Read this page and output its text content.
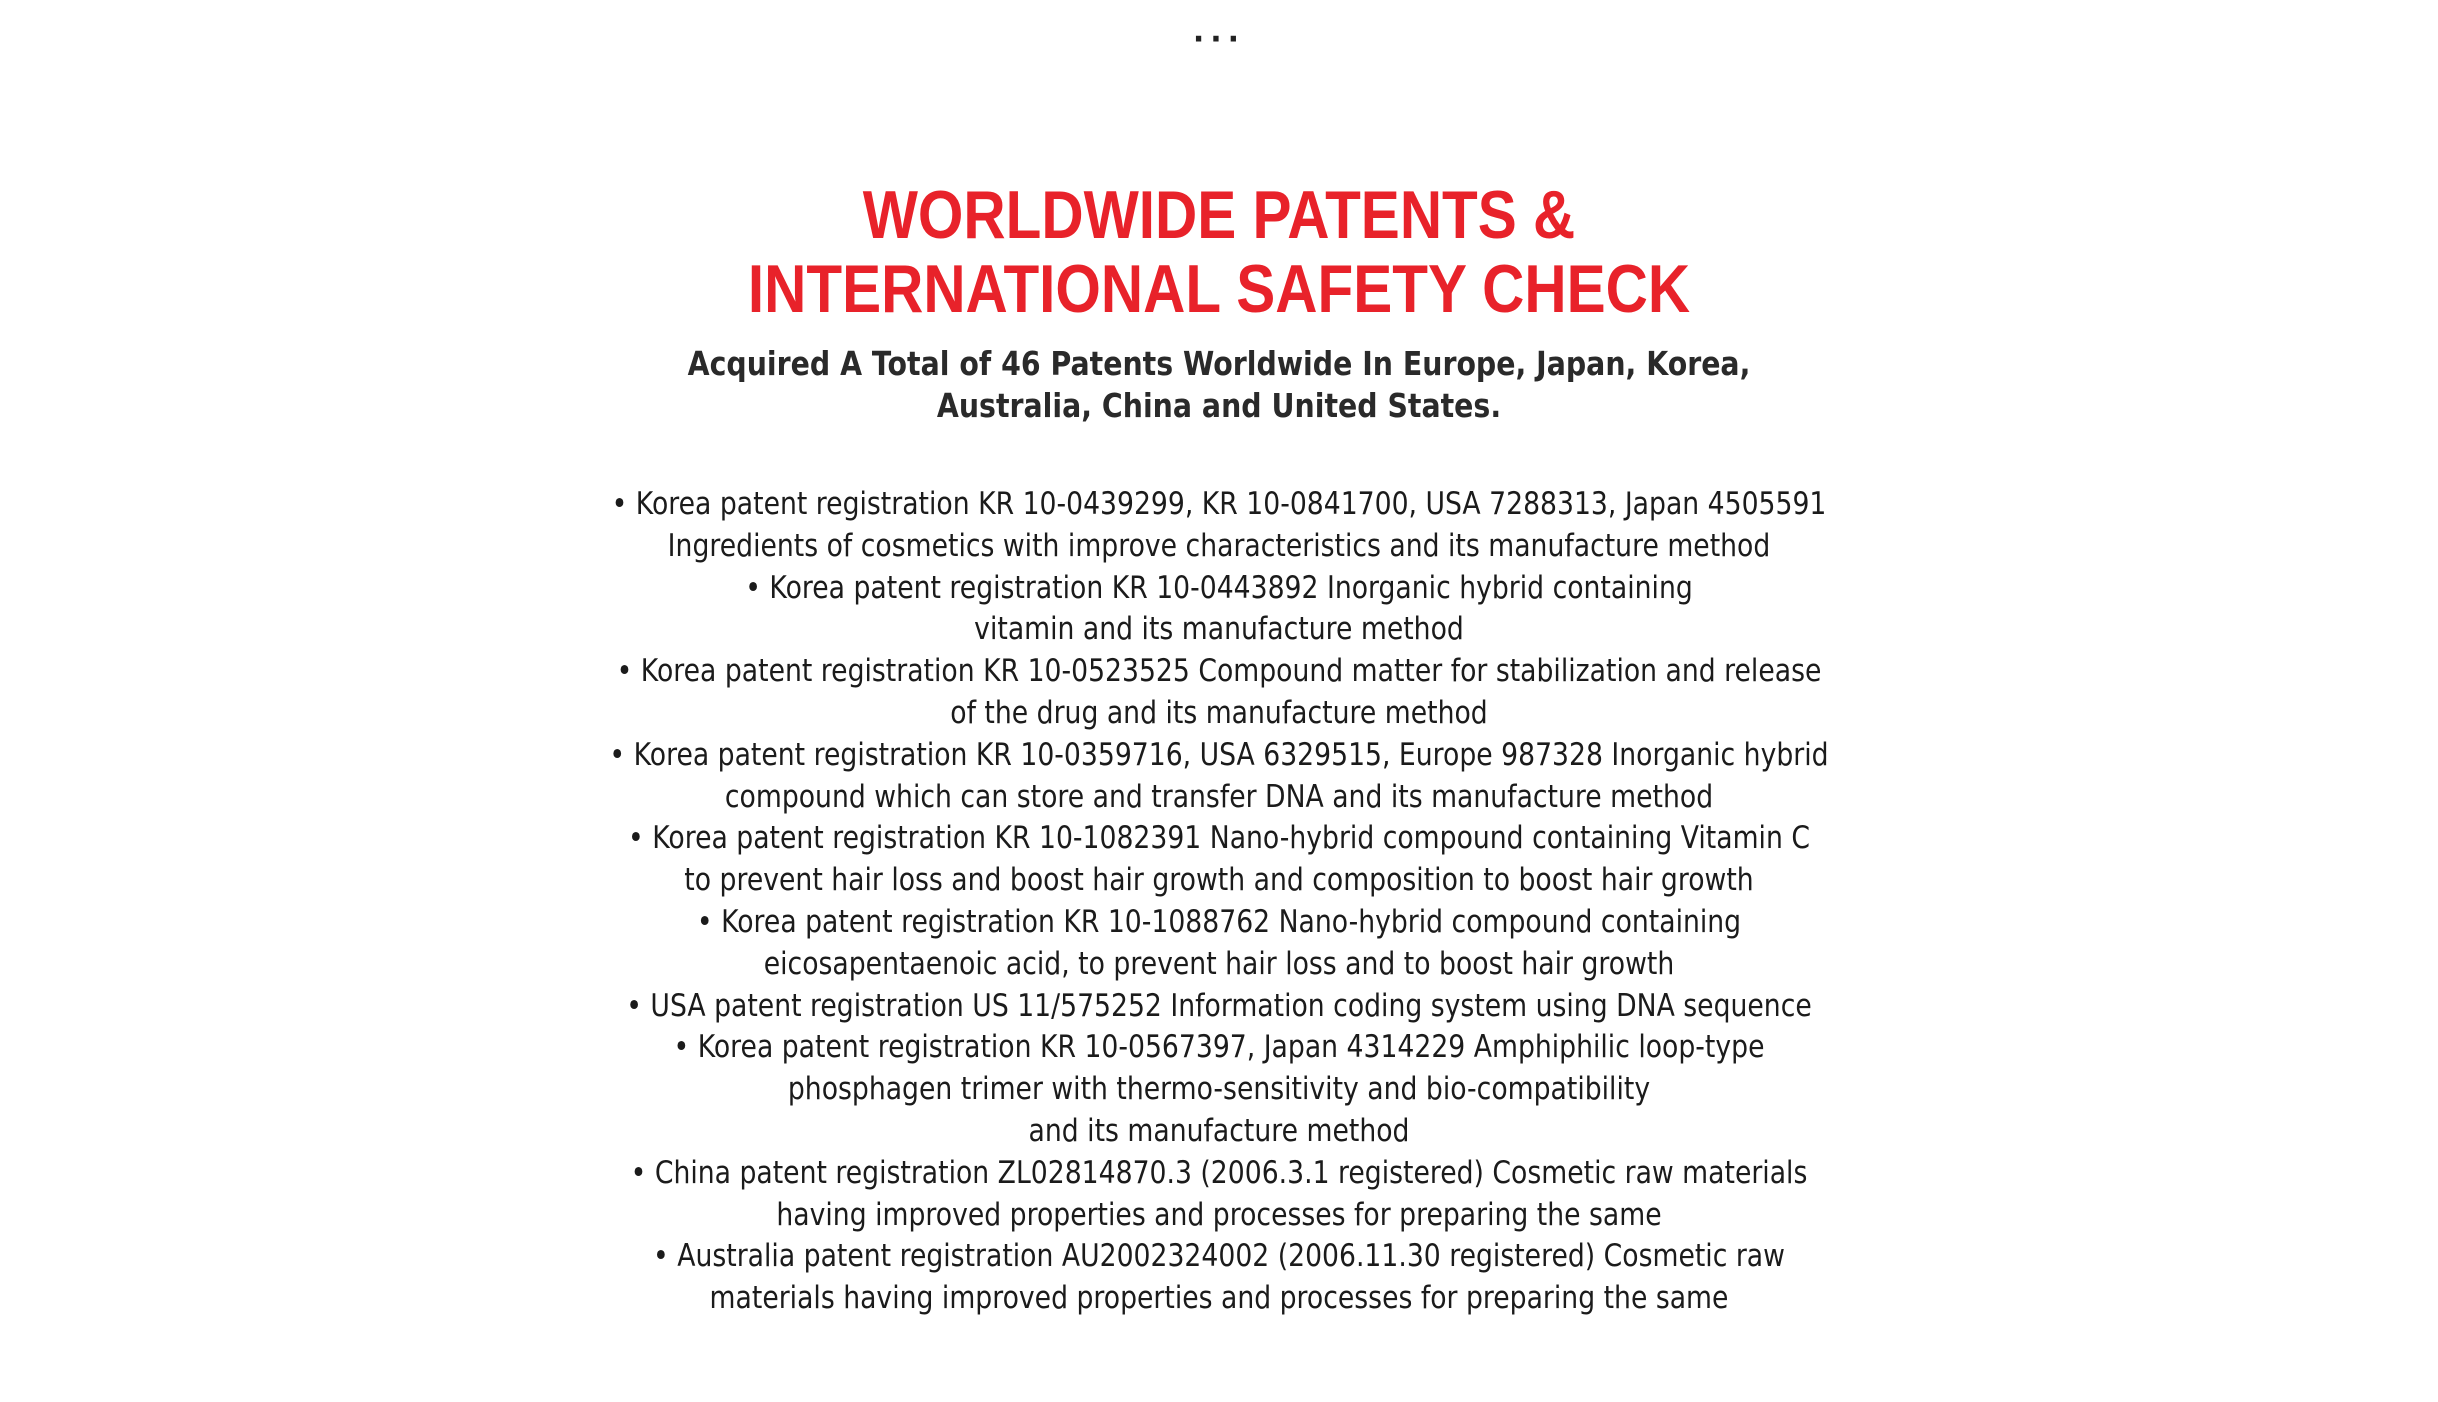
···
WORLDWIDE PATENTS &
INTERNATIONAL SAFETY CHECK
Acquired A Total of 46 Patents Worldwide In Europe, Japan, Korea,
Australia, China and United States.
• Korea patent registration KR 10-0439299, KR 10-0841700, USA 7288313, Japan 4505591
Ingredients of cosmetics with improve characteristics and its manufacture method
• Korea patent registration KR 10-0443892 Inorganic hybrid containing
vitamin and its manufacture method
• Korea patent registration KR 10-0523525 Compound matter for stabilization and release
of the drug and its manufacture method
• Korea patent registration KR 10-0359716, USA 6329515, Europe 987328 Inorganic hybrid
compound which can store and transfer DNA and its manufacture method
• Korea patent registration KR 10-1082391 Nano-hybrid compound containing Vitamin C
to prevent hair loss and boost hair growth and composition to boost hair growth
• Korea patent registration KR 10-1088762 Nano-hybrid compound containing
eicosapentaenoic acid, to prevent hair loss and to boost hair growth
• USA patent registration US 11/575252 Information coding system using DNA sequence
• Korea patent registration KR 10-0567397, Japan 4314229 Amphiphilic loop-type
phosphagen trimer with thermo-sensitivity and bio-compatibility
and its manufacture method
• China patent registration ZL02814870.3 (2006.3.1 registered) Cosmetic raw materials
having improved properties and processes for preparing the same
• Australia patent registration AU2002324002 (2006.11.30 registered) Cosmetic raw
materials having improved properties and processes for preparing the same
